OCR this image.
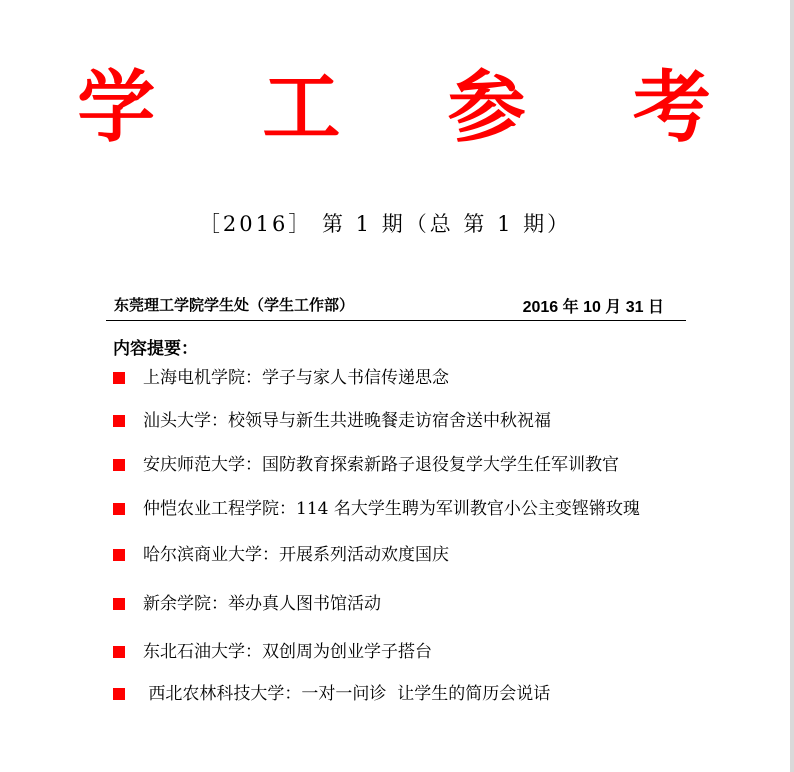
学 工 参 考
［2016］ 第 1 期（总 第 1 期）
东莞理工学院学生处（学生工作部）	2016 年 10 月 31 日
内容提要：
上海电机学院：学子与家人书信传递思念
汕头大学：校领导与新生共进晚餐走访宿舍送中秋祝福
安庆师范大学：国防教育探索新路子退役复学大学生任军训教官
仲恺农业工程学院：114 名大学生聘为军训教官小公主变铿锵玫瑰
哈尔滨商业大学：开展系列活动欢度国庆
新余学院：举办真人图书馆活动
东北石油大学：双创周为创业学子搭台
西北农林科技大学：一对一问诊  让学生的简历会说话
